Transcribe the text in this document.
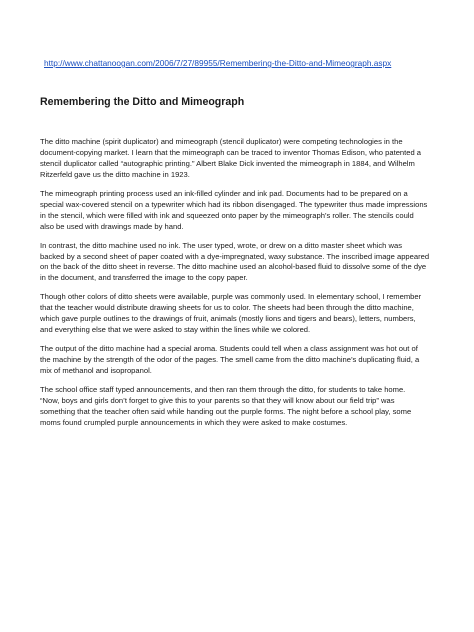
http://www.chattanoogan.com/2006/7/27/89955/Remembering-the-Ditto-and-Mimeograph.aspx
Remembering the Ditto and Mimeograph

The ditto machine (spirit duplicator) and mimeograph (stencil duplicator) were competing technologies in the
document-copying market. I learn that the mimeograph can be traced to inventor Thomas Edison, who patented a
stencil duplicator called “autographic printing.” Albert Blake Dick invented the mimeograph in 1884, and Wilhelm
Ritzerfeld gave us the ditto machine in 1923.

The mimeograph printing process used an ink-filled cylinder and ink pad. Documents had to be prepared on a
special wax-covered stencil on a typewriter which had its ribbon disengaged. The typewriter thus made impressions
in the stencil, which were filled with ink and squeezed onto paper by the mimeograph’s roller. The stencils could
also be used with drawings made by hand.

In contrast, the ditto machine used no ink. The user typed, wrote, or drew on a ditto master sheet which was
backed by a second sheet of paper coated with a dye-impregnated, waxy substance. The inscribed image appeared
on the back of the ditto sheet in reverse. The ditto machine used an alcohol-based fluid to dissolve some of the dye
in the document, and transferred the image to the copy paper.

Though other colors of ditto sheets were available, purple was commonly used. In elementary school, I remember
that the teacher would distribute drawing sheets for us to color. The sheets had been through the ditto machine,
which gave purple outlines to the drawings of fruit, animals (mostly lions and tigers and bears), letters, numbers,
and everything else that we were asked to stay within the lines while we colored.

The output of the ditto machine had a special aroma. Students could tell when a class assignment was hot out of
the machine by the strength of the odor of the pages. The smell came from the ditto machine’s duplicating fluid, a
mix of methanol and isopropanol.

The school office staff typed announcements, and then ran them through the ditto, for students to take home.
“Now, boys and girls don’t forget to give this to your parents so that they will know about our field trip” was
something that the teacher often said while handing out the purple forms. The night before a school play, some
moms found crumpled purple announcements in which they were asked to make costumes.
